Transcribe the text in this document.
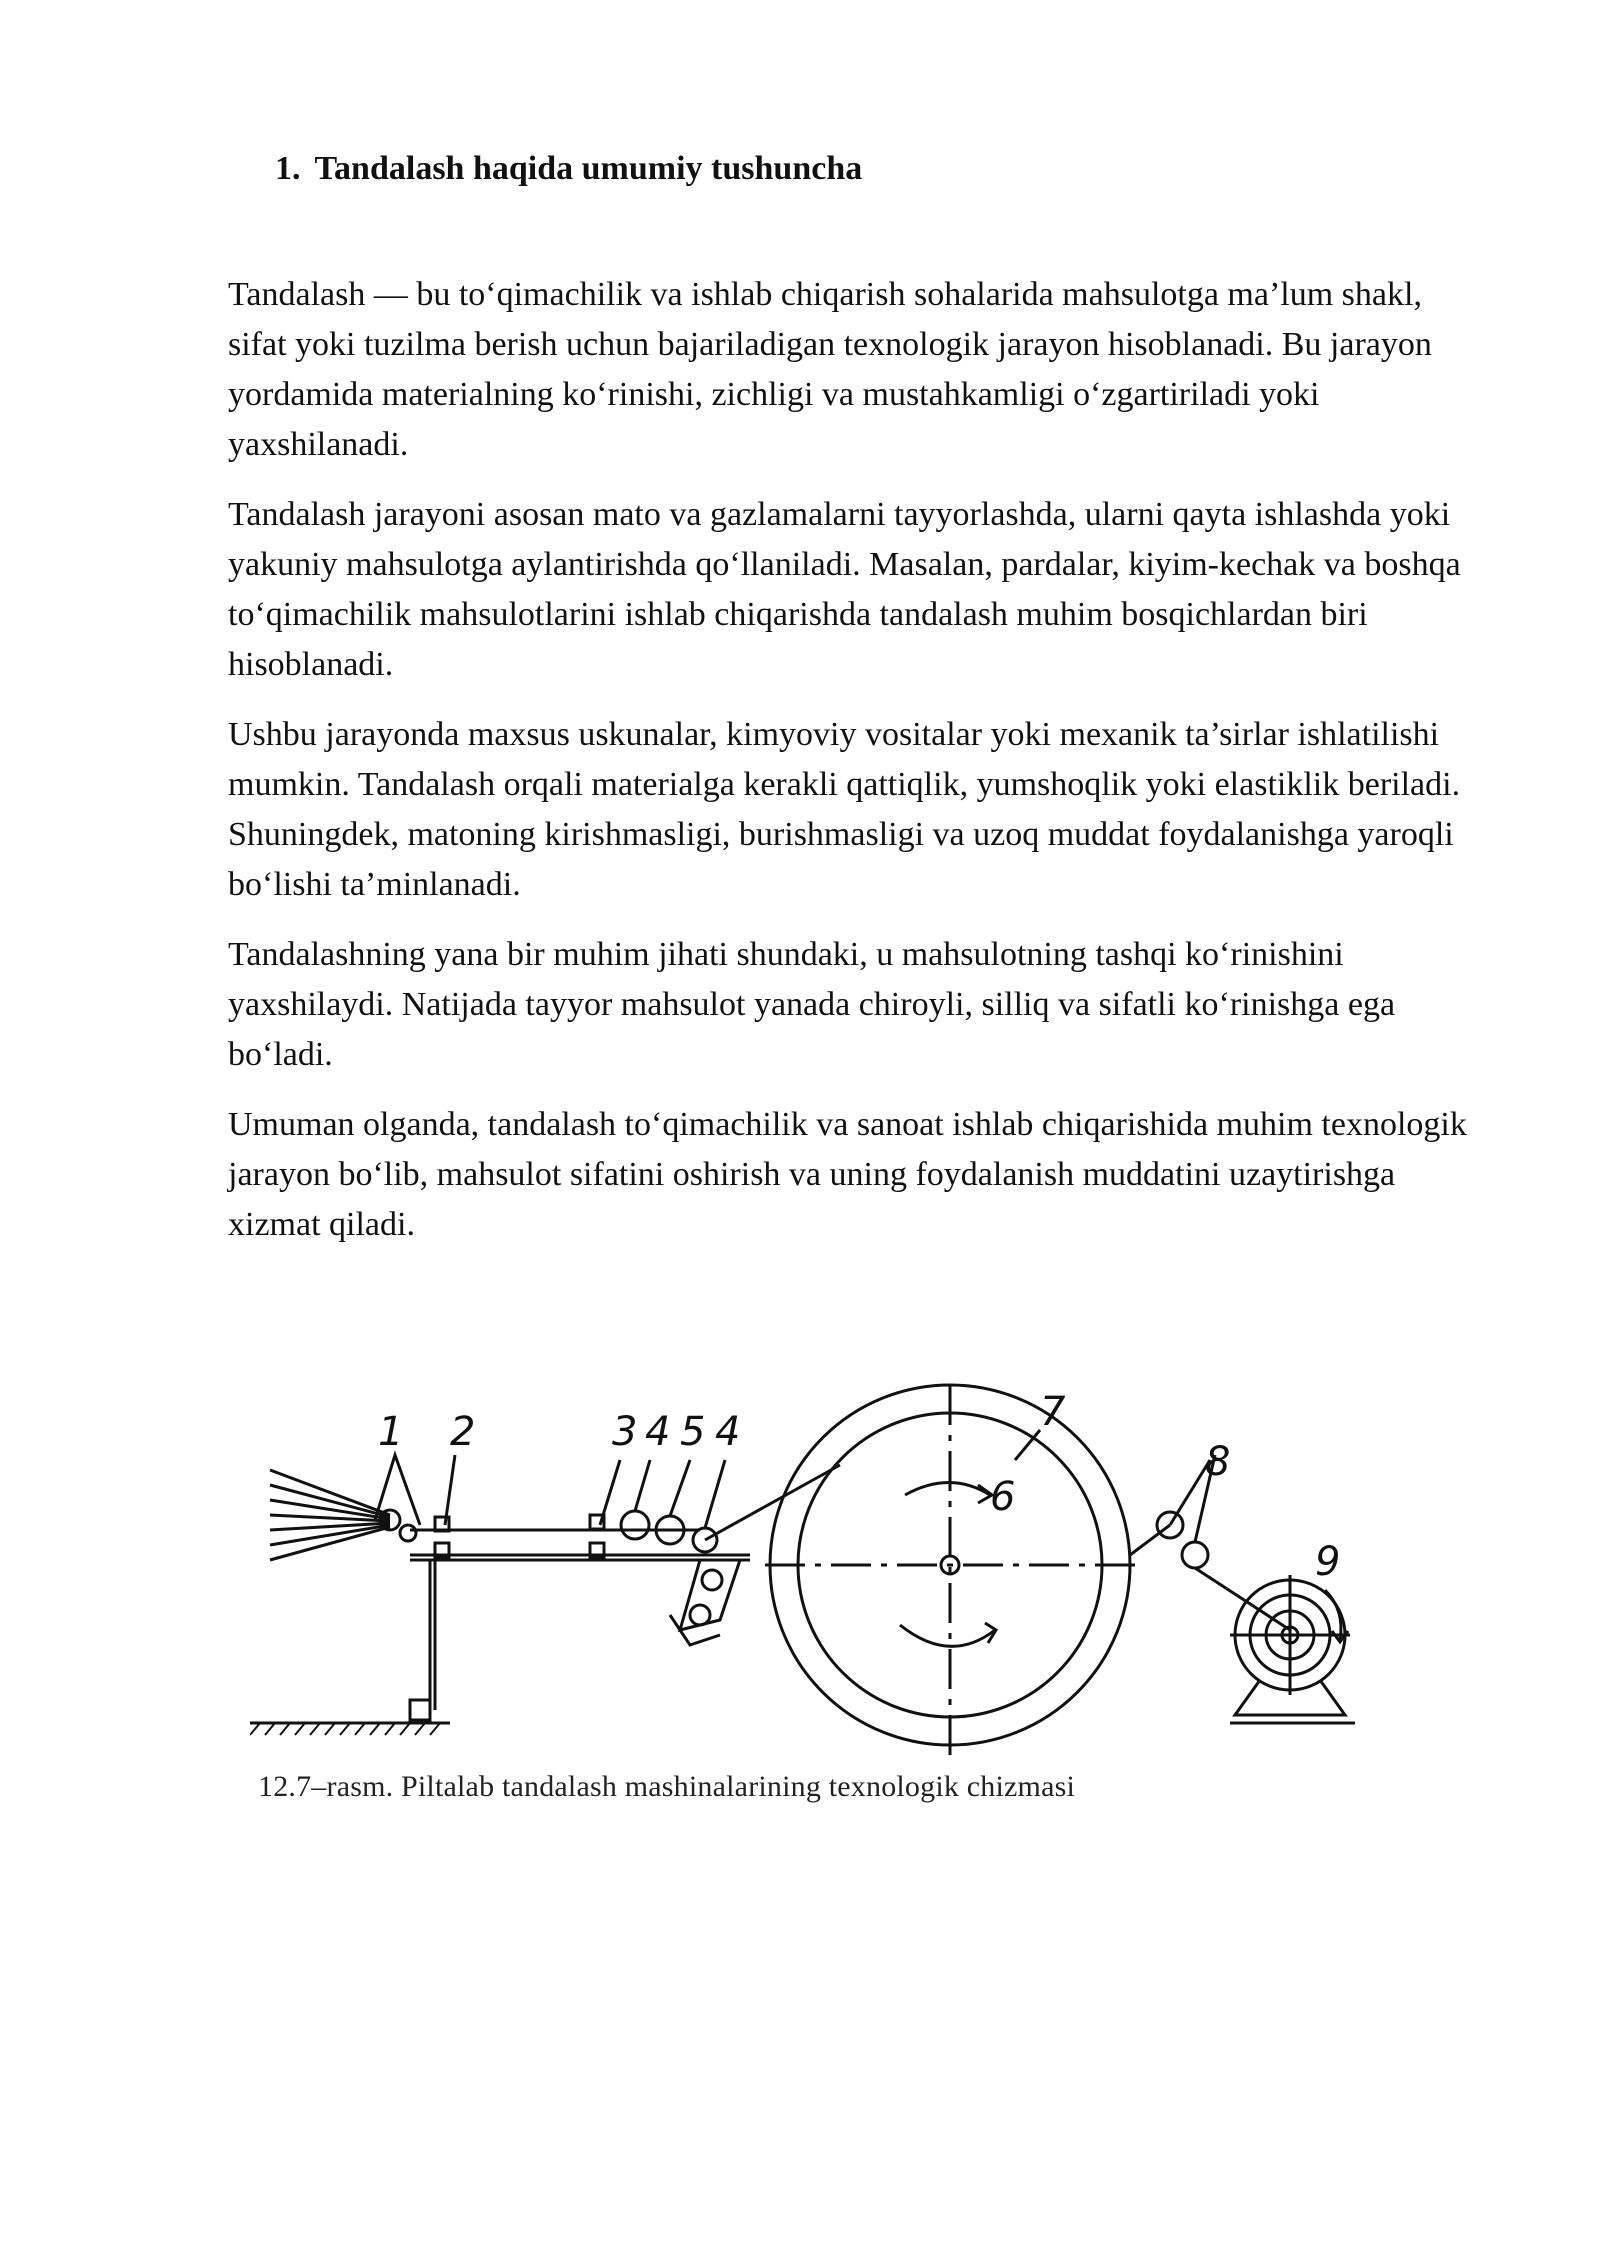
1. Tandalash haqida umumiy tushuncha

Tandalash — bu to‘qimachilik va ishlab chiqarish sohalarida mahsulotga ma’lum shakl, sifat yoki tuzilma berish uchun bajariladigan texnologik jarayon hisoblanadi. Bu jarayon yordamida materialning ko‘rinishi, zichligi va mustahkamligi o‘zgartiriladi yoki yaxshilanadi.

Tandalash jarayoni asosan mato va gazlamalarni tayyorlashda, ularni qayta ishlashda yoki yakuniy mahsulotga aylantirishda qo‘llaniladi. Masalan, pardalar, kiyim-kechak va boshqa to‘qimachilik mahsulotlarini ishlab chiqarishda tandalash muhim bosqichlardan biri hisoblanadi.

Ushbu jarayonda maxsus uskunalar, kimyoviy vositalar yoki mexanik ta’sirlar ishlatilishi mumkin. Tandalash orqali materialga kerakli qattiqlik, yumshoqlik yoki elastiklik beriladi. Shuningdek, matoning kirishmasligi, burishmasligi va uzoq muddat foydalanishga yaroqli bo‘lishi ta’minlanadi.

Tandalashning yana bir muhim jihati shundaki, u mahsulotning tashqi ko‘rinishini yaxshilaydi. Natijada tayyor mahsulot yanada chiroyli, silliq va sifatli ko‘rinishga ega bo‘ladi.

Umuman olganda, tandalash to‘qimachilik va sanoat ishlab chiqarishida muhim texnologik jarayon bo‘lib, mahsulot sifatini oshirish va uning foydalanish muddatini uzaytirishga xizmat qiladi.

1 2	3 4 5 4
6
7
8
9
12.7–rasm. Piltalab tandalash mashinalarining texnologik chizmasi
